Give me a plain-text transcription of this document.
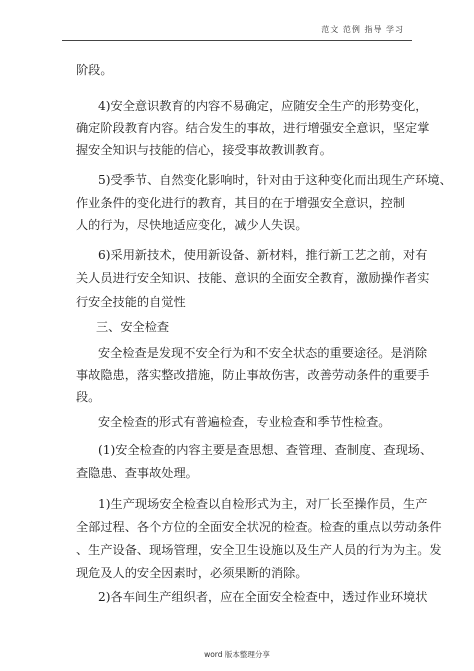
范文 范例 指导 学习
阶段。
4)安全意识教育的内容不易确定，应随安全生产的形势变化，
确定阶段教育内容。结合发生的事故，进行增强安全意识，坚定掌
握安全知识与技能的信心，接受事故教训教育。
5)受季节、自然变化影响时，针对由于这种变化而出现生产环境、
作业条件的变化进行的教育，其目的在于增强安全意识，控制
人的行为，尽快地适应变化，减少人失误。
6)采用新技术，使用新设备、新材料，推行新工艺之前，对有
关人员进行安全知识、技能、意识的全面安全教育，激励操作者实
行安全技能的自觉性
三、安全检查
安全检查是发现不安全行为和不安全状态的重要途径。是消除
事故隐患，落实整改措施，防止事故伤害，改善劳动条件的重要手
段。
安全检查的形式有普遍检查，专业检查和季节性检查。
(1)安全检查的内容主要是查思想、查管理、查制度、查现场、
查隐患、查事故处理。
1)生产现场安全检查以自检形式为主，对厂长至操作员，生产
全部过程、各个方位的全面安全状况的检查。检查的重点以劳动条件
、生产设备、现场管理，安全卫生设施以及生产人员的行为为主。发
现危及人的安全因素时，必须果断的消除。
2)各车间生产组织者，应在全面安全检查中，透过作业环境状
word 版本整理分享
